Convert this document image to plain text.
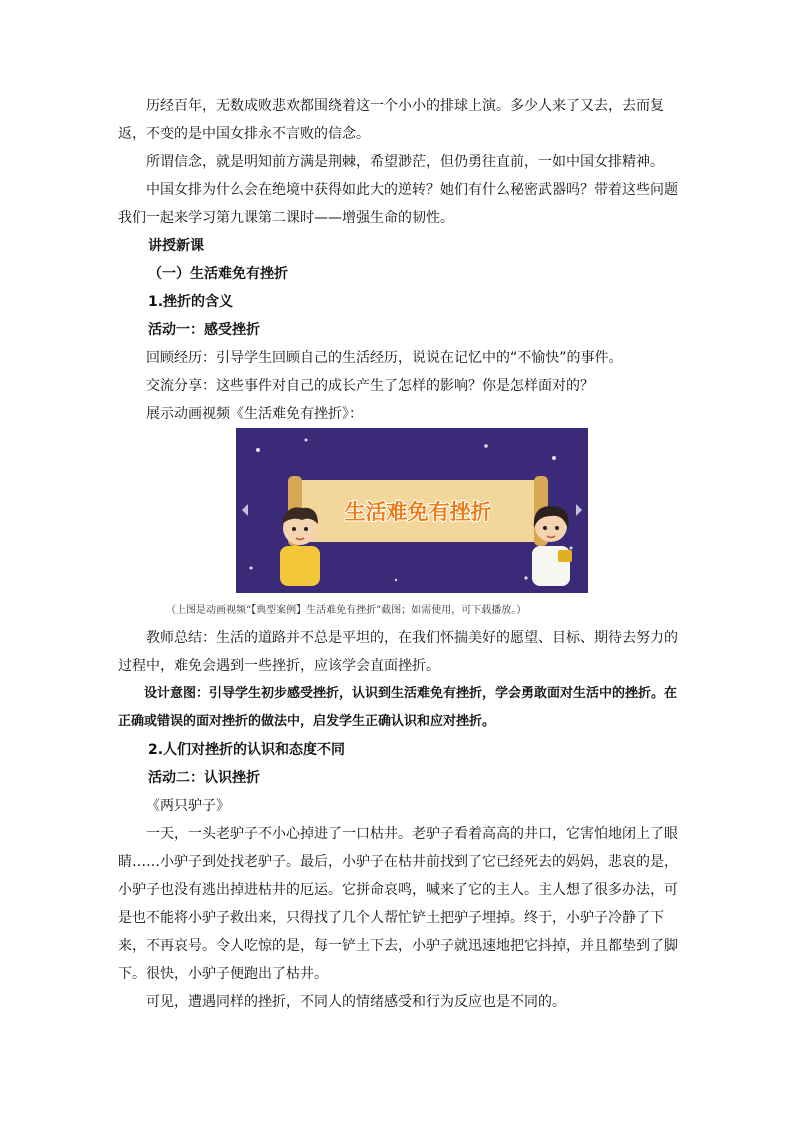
历经百年，无数成败悲欢都围绕着这一个小小的排球上演。多少人来了又去，去而复返，不变的是中国女排永不言败的信念。

所谓信念，就是明知前方满是荆棘，希望渺茫，但仍勇往直前，一如中国女排精神。

中国女排为什么会在绝境中获得如此大的逆转？她们有什么秘密武器吗？带着这些问题我们一起来学习第九课第二课时——增强生命的韧性。

讲授新课

（一）生活难免有挫折

1.挫折的含义

活动一：感受挫折

回顾经历：引导学生回顾自己的生活经历，说说在记忆中的“不愉快”的事件。

交流分享：这些事件对自己的成长产生了怎样的影响？你是怎样面对的？

展示动画视频《生活难免有挫折》：

生活难免有挫折

（上图是动画视频“【典型案例】生活难免有挫折”截图；如需使用，可下载播放。）

教师总结：生活的道路并不总是平坦的，在我们怀揣美好的愿望、目标、期待去努力的过程中，难免会遇到一些挫折，应该学会直面挫折。

设计意图：引导学生初步感受挫折，认识到生活难免有挫折，学会勇敢面对生活中的挫折。在正确或错误的面对挫折的做法中，启发学生正确认识和应对挫折。

2.人们对挫折的认识和态度不同

活动二：认识挫折

《两只驴子》

一天，一头老驴子不小心掉进了一口枯井。老驴子看着高高的井口，它害怕地闭上了眼睛……小驴子到处找老驴子。最后，小驴子在枯井前找到了它已经死去的妈妈，悲哀的是，小驴子也没有逃出掉进枯井的厄运。它拼命哀鸣，喊来了它的主人。主人想了很多办法，可是也不能将小驴子救出来，只得找了几个人帮忙铲土把驴子埋掉。终于，小驴子冷静了下来，不再哀号。令人吃惊的是，每一铲土下去，小驴子就迅速地把它抖掉，并且都垫到了脚下。很快，小驴子便跑出了枯井。

可见，遭遇同样的挫折，不同人的情绪感受和行为反应也是不同的。
